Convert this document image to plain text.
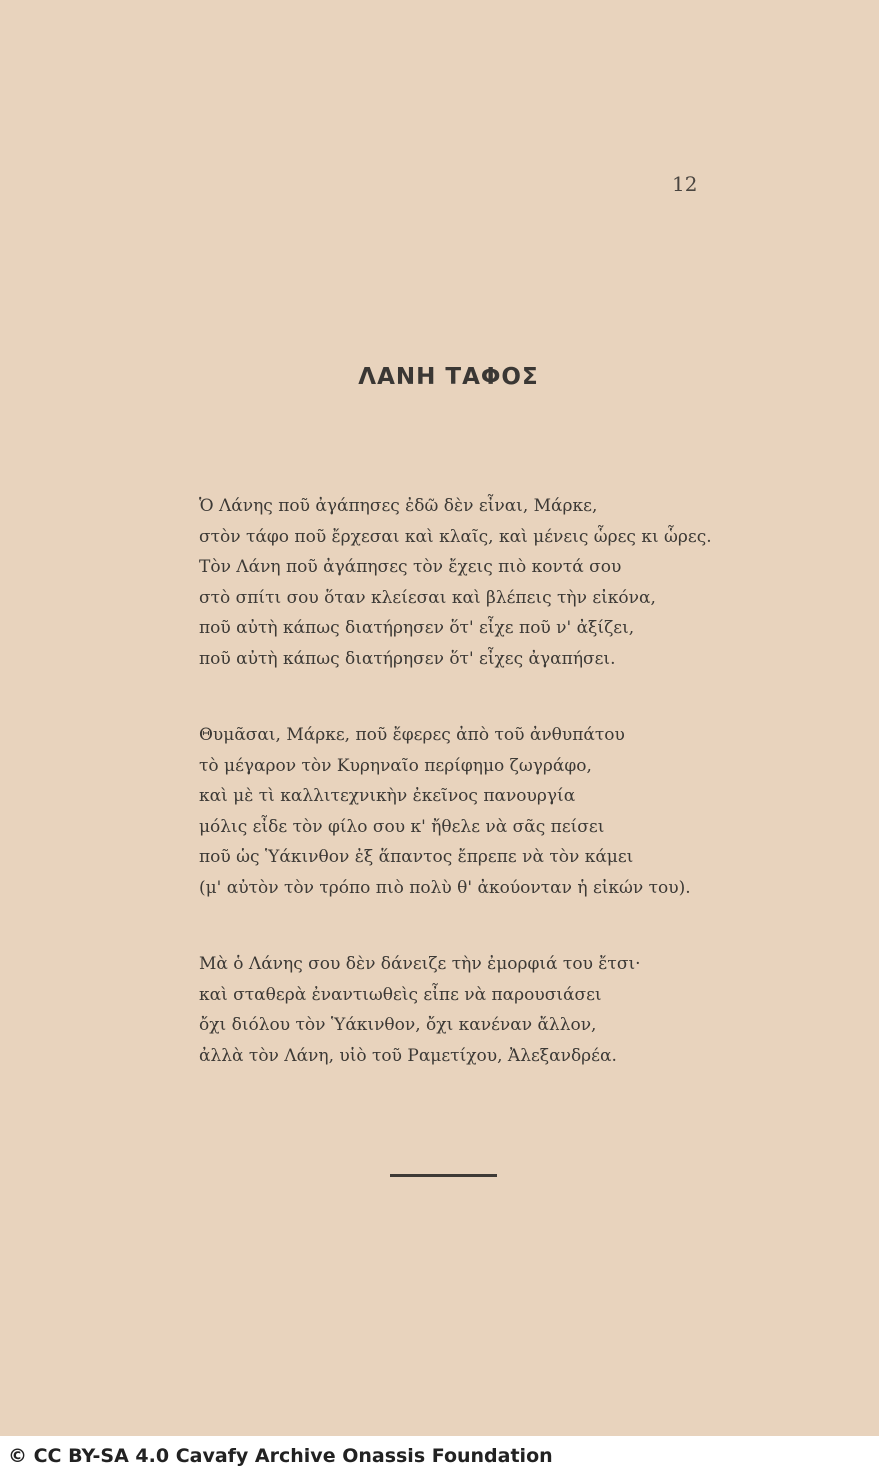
12
ΛΑΝΗ ΤΑΦΟΣ
Ὁ Λάνης ποῦ ἀγάπησες ἐδῶ δὲν εἶναι, Μάρκε,
στὸν τάφο ποῦ ἔρχεσαι καὶ κλαῖς, καὶ μένεις ὧρες κι ὧρες.
Τὸν Λάνη ποῦ ἀγάπησες τὸν ἔχεις πιὸ κοντά σου
στὸ σπίτι σου ὅταν κλείεσαι καὶ βλέπεις τὴν εἰκόνα,
ποῦ αὐτὴ κάπως διατήρησεν ὅτ' εἶχε ποῦ ν' ἀξίζει,
ποῦ αὐτὴ κάπως διατήρησεν ὅτ' εἶχες ἀγαπήσει.
Θυμᾶσαι, Μάρκε, ποῦ ἔφερες ἀπὸ τοῦ ἀνθυπάτου
τὸ μέγαρον τὸν Κυρηναῖο περίφημο ζωγράφο,
καὶ μὲ τὶ καλλιτεχνικὴν ἐκεῖνος πανουργία
μόλις εἶδε τὸν φίλο σου κ' ἤθελε νὰ σᾶς πείσει
ποῦ ὡς Ὑάκινθον ἐξ ἅπαντος ἔπρεπε νὰ τὸν κάμει
(μ' αὐτὸν τὸν τρόπο πιὸ πολὺ θ' ἀκούονταν ἡ εἰκών του).
Μὰ ὁ Λάνης σου δὲν δάνειζε τὴν ἐμορφιά του ἔτσι·
καὶ σταθερὰ ἐναντιωθεὶς εἶπε νὰ παρουσιάσει
ὄχι διόλου τὸν Ὑάκινθον, ὄχι κανέναν ἄλλον,
ἀλλὰ τὸν Λάνη, υἱὸ τοῦ Ραμετίχου, Ἀλεξανδρέα.
© CC BY-SA 4.0 Cavafy Archive Onassis Foundation
